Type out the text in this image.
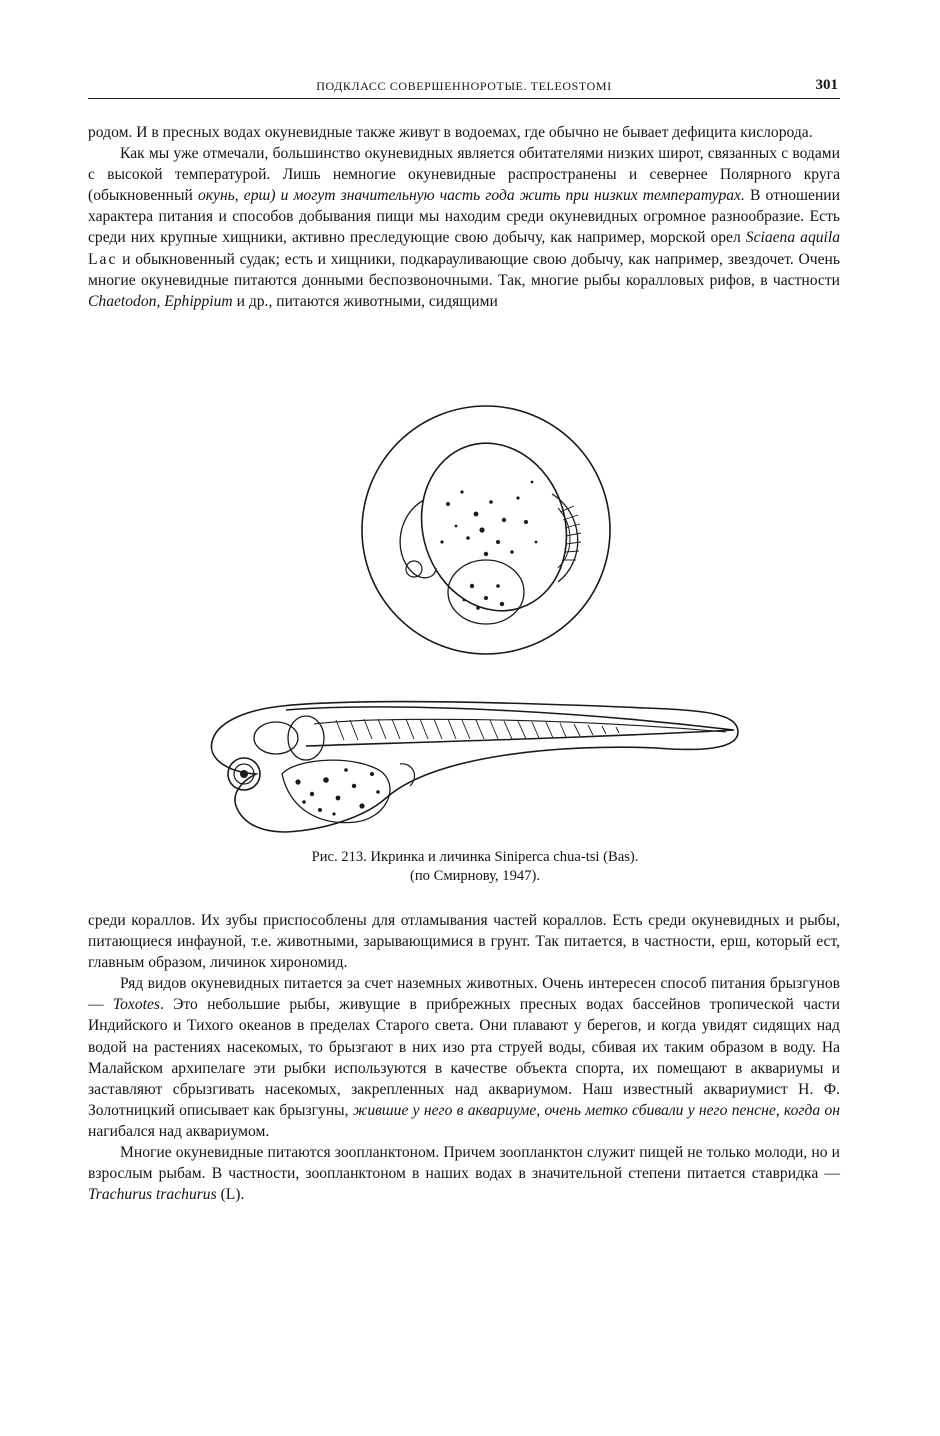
ПОДКЛАСС СОВЕРШЕННОРОТЫЕ. TELEOSTOMI	301

родом. И в пресных водах окуневидные также живут в водоемах, где обычно не бывает дефицита кислорода.

Как мы уже отмечали, большинство окуневидных является обитателями низких широт, связанных с водами с высокой температурой. Лишь немногие окуневидные распространены и севернее Полярного круга (обыкновенный окунь, ерш) и могут значительную часть года жить при низких температурах. В отношении характера питания и способов добывания пищи мы находим среди окуневидных огромное разнообразие. Есть среди них крупные хищники, активно преследующие свою добычу, как например, морской орел Sciaena aquila Lac и обыкновенный судак; есть и хищники, подкарауливающие свою добычу, как например, звездочет. Очень многие окуневидные питаются донными беспозвоночными. Так, многие рыбы коралловых рифов, в частности Chaetodon, Ephippium и др., питаются животными, сидящими

Рис. 213. Икринка и личинка Siniperca chua-tsi (Bas).
(по Смирнову, 1947).

среди кораллов. Их зубы приспособлены для отламывания частей кораллов. Есть среди окуневидных и рыбы, питающиеся инфауной, т.е. животными, зарывающимися в грунт. Так питается, в частности, ерш, который ест, главным образом, личинок хирономид.

Ряд видов окуневидных питается за счет наземных животных. Очень интересен способ питания брызгунов — Toxotes. Это небольшие рыбы, живущие в прибрежных пресных водах бассейнов тропической части Индийского и Тихого океанов в пределах Старого света. Они плавают у берегов, и когда увидят сидящих над водой на растениях насекомых, то брызгают в них изо рта струей воды, сбивая их таким образом в воду. На Малайском архипелаге эти рыбки используются в качестве объекта спорта, их помещают в аквариумы и заставляют сбрызгивать насекомых, закрепленных над аквариумом. Наш известный аквариумист Н. Ф. Золотницкий описывает как брызгуны, жившие у него в аквариуме, очень метко сбивали у него пенсне, когда он нагибался над аквариумом.

Многие окуневидные питаются зоопланктоном. Причем зоопланктон служит пищей не только молоди, но и взрослым рыбам. В частности, зоопланктоном в наших водах в значительной степени питается ставридка — Trachurus trachurus (L).
